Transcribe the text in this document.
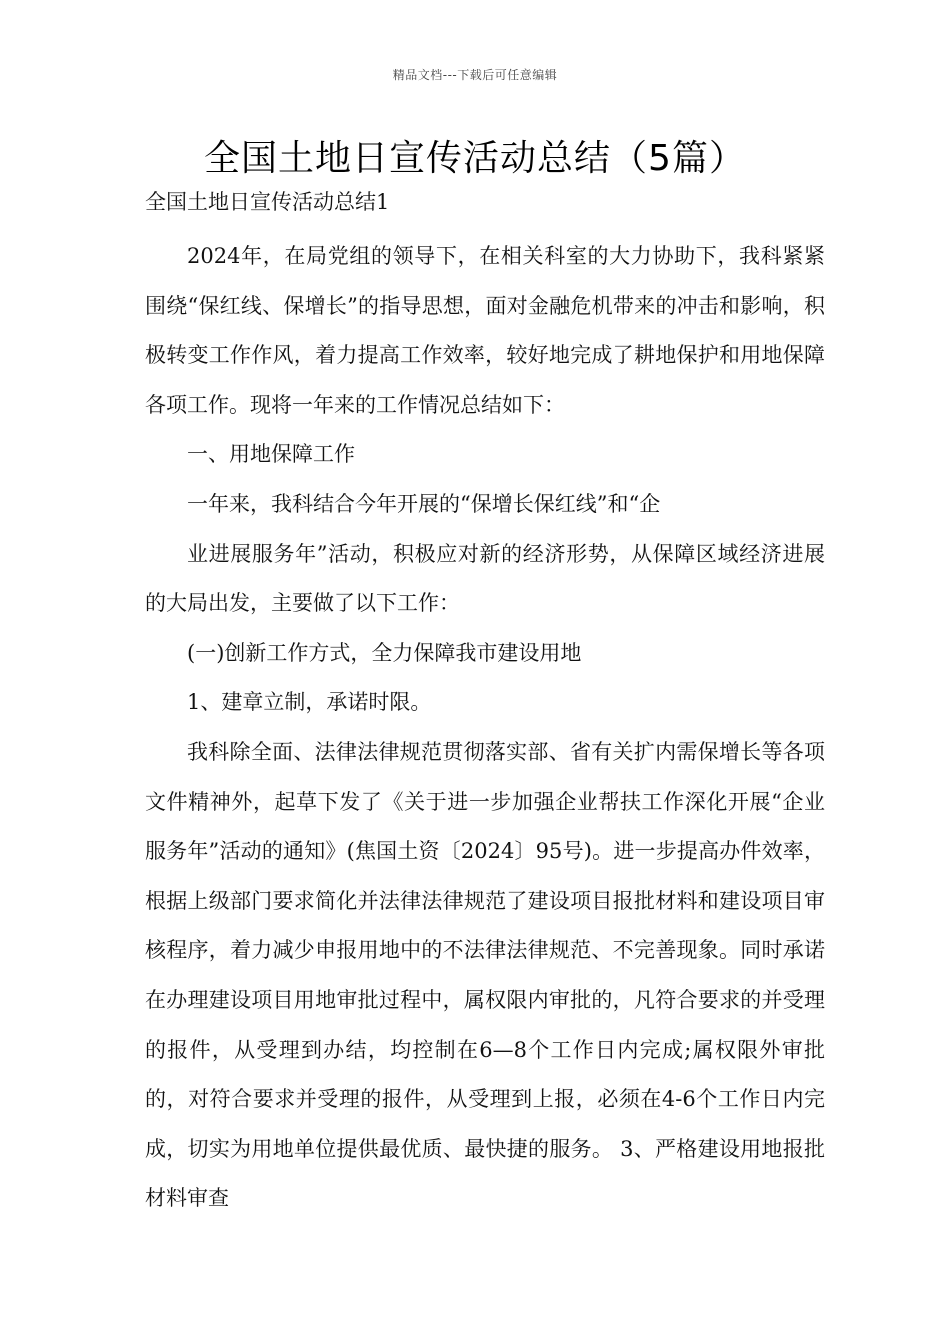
精品文档---下载后可任意编辑
全国土地日宣传活动总结（5篇）
全国土地日宣传活动总结1

2024年，在局党组的领导下，在相关科室的大力协助下，我科紧紧围绕“保红线、保增长”的指导思想，面对金融危机带来的冲击和影响，积极转变工作作风，着力提高工作效率，较好地完成了耕地保护和用地保障各项工作。现将一年来的工作情况总结如下：

一、用地保障工作

一年来，我科结合今年开展的“保增长保红线”和“企

业进展服务年”活动，积极应对新的经济形势，从保障区域经济进展的大局出发，主要做了以下工作：

(一)创新工作方式，全力保障我市建设用地

1、建章立制，承诺时限。

我科除全面、法律法律规范贯彻落实部、省有关扩内需保增长等各项文件精神外，起草下发了《关于进一步加强企业帮扶工作深化开展“企业服务年”活动的通知》(焦国土资〔2024〕95号)。进一步提高办件效率，根据上级部门要求简化并法律法律规范了建设项目报批材料和建设项目审核程序，着力减少申报用地中的不法律法律规范、不完善现象。同时承诺在办理建设项目用地审批过程中，属权限内审批的，凡符合要求的并受理的报件，从受理到办结，均控制在6—8个工作日内完成;属权限外审批的，对符合要求并受理的报件，从受理到上报，必须在4-6个工作日内完成，切实为用地单位提供最优质、最快捷的服务。 3、严格建设用地报批材料审查
